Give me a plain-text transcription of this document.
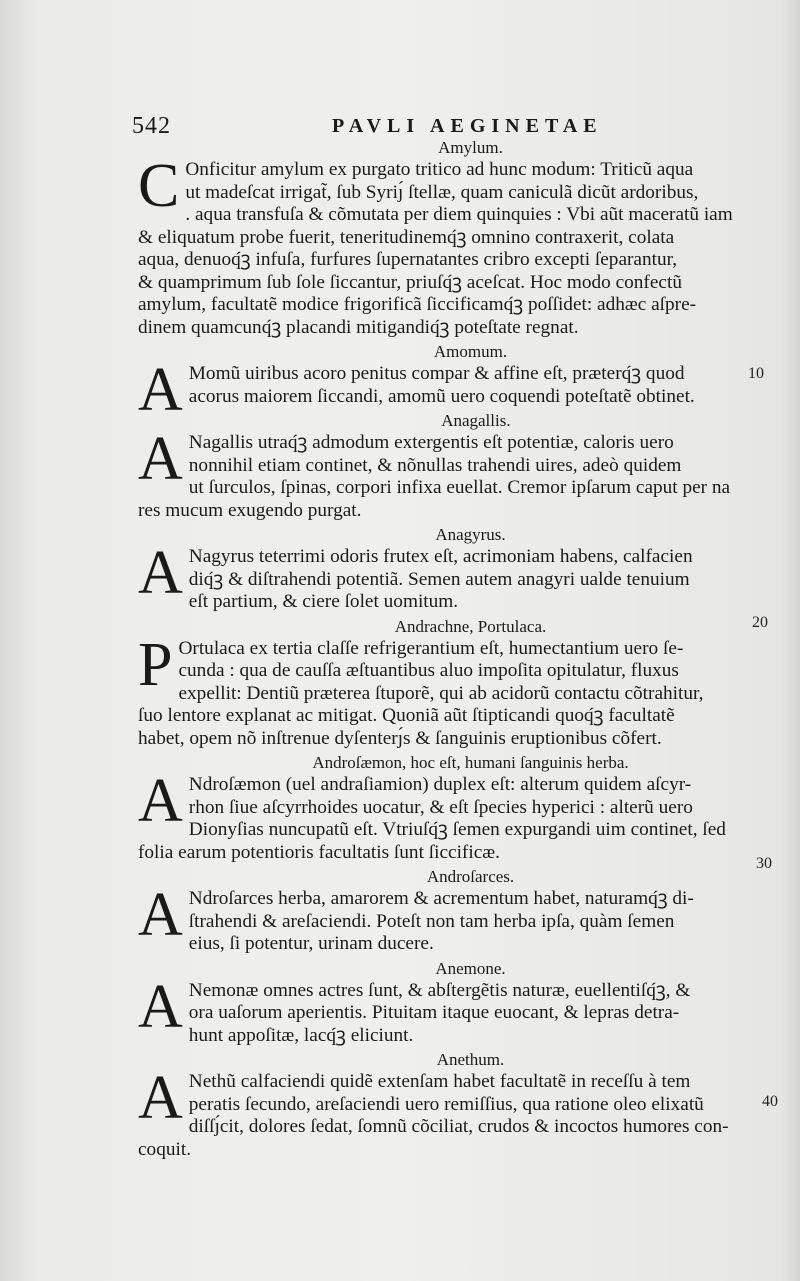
542	PAVLI AEGINETAE
10
20
30
40
Amylum.
C Onficitur amylum ex purgato tritico ad hunc modum: Triticũ aqua

ut madeſcat irrigat̃, ſub Syriȷ́ ſtellæ, quam caniculã dicũt ardoribus,

. aqua transfuſa & cõmutata per diem quinquies : Vbi aũt maceratũ iam

& eliquatum probe fuerit, teneritudinemq́ꝫ omnino contraxerit, colata

aqua, denuoq́ꝫ infuſa, furfures ſupernatantes cribro excepti ſeparantur,

& quamprimum ſub ſole ſiccantur, priuſq́ꝫ aceſcat. Hoc modo confectũ

amylum, facultatẽ modice frigorificã ſiccificamq́ꝫ poſſidet: adhæc aſpre-

dinem quamcunq́ꝫ placandi mitigandiq́ꝫ poteſtate regnat.

Amomum.
A Momũ uiribus acoro penitus compar & affine eſt, præterq́ꝫ quod

acorus maiorem ſiccandi, amomũ uero coquendi poteſtatẽ obtinet.

Anagallis.
A Nagallis utraq́ꝫ admodum extergentis eſt potentiæ, caloris uero

nonnihil etiam continet, & nõnullas trahendi uires, adeò quidem

ut ſurculos, ſpinas, corpori infixa euellat. Cremor ipſarum caput per na

res mucum exugendo purgat.

Anagyrus.
A Nagyrus teterrimi odoris frutex eſt, acrimoniam habens, calfacien

diq́ꝫ & diſtrahendi potentiã. Semen autem anagyri ualde tenuium

eſt partium, & ciere ſolet uomitum.

Andrachne, Portulaca.
P Ortulaca ex tertia claſſe refrigerantium eſt, humectantium uero ſe-

cunda : qua de cauſſa æſtuantibus aluo impoſita opitulatur, fluxus

expellit: Dentiũ præterea ſtuporẽ, qui ab acidorũ contactu cõtrahitur,

ſuo lentore explanat ac mitigat. Quoniã aũt ſtipticandi quoq́ꝫ facultatẽ

habet, opem nõ inſtrenue dyſenterȷ́s & ſanguinis eruptionibus cõfert.

Androſæmon, hoc eſt, humani ſanguinis herba.
A Ndroſæmon (uel andraſiamion) duplex eſt: alterum quidem aſcyr-

rhon ſiue aſcyrrhoides uocatur, & eſt ſpecies hyperici : alterũ uero

Dionyſias nuncupatũ eſt. Vtriuſq́ꝫ ſemen expurgandi uim continet, ſed

folia earum potentioris facultatis ſunt ſiccificæ.

Androſarces.
A Ndroſarces herba, amarorem & acrementum habet, naturamq́ꝫ di-

ſtrahendi & areſaciendi. Poteſt non tam herba ipſa, quàm ſemen

eius, ſi potentur, urinam ducere.

Anemone.
A Nemonæ omnes actres ſunt, & abſtergẽtis naturæ, euellentiſq́ꝫ, &

ora uaſorum aperientis. Pituitam itaque euocant, & lepras detra-

hunt appoſitæ, lacq́ꝫ eliciunt.

Anethum.
A Nethũ calfaciendi quidẽ extenſam habet facultatẽ in receſſu à tem

peratis ſecundo, areſaciendi uero remiſſius, qua ratione oleo elixatũ

diſſȷ́cit, dolores ſedat, ſomnũ cõciliat, crudos & incoctos humores con-

coquit.
